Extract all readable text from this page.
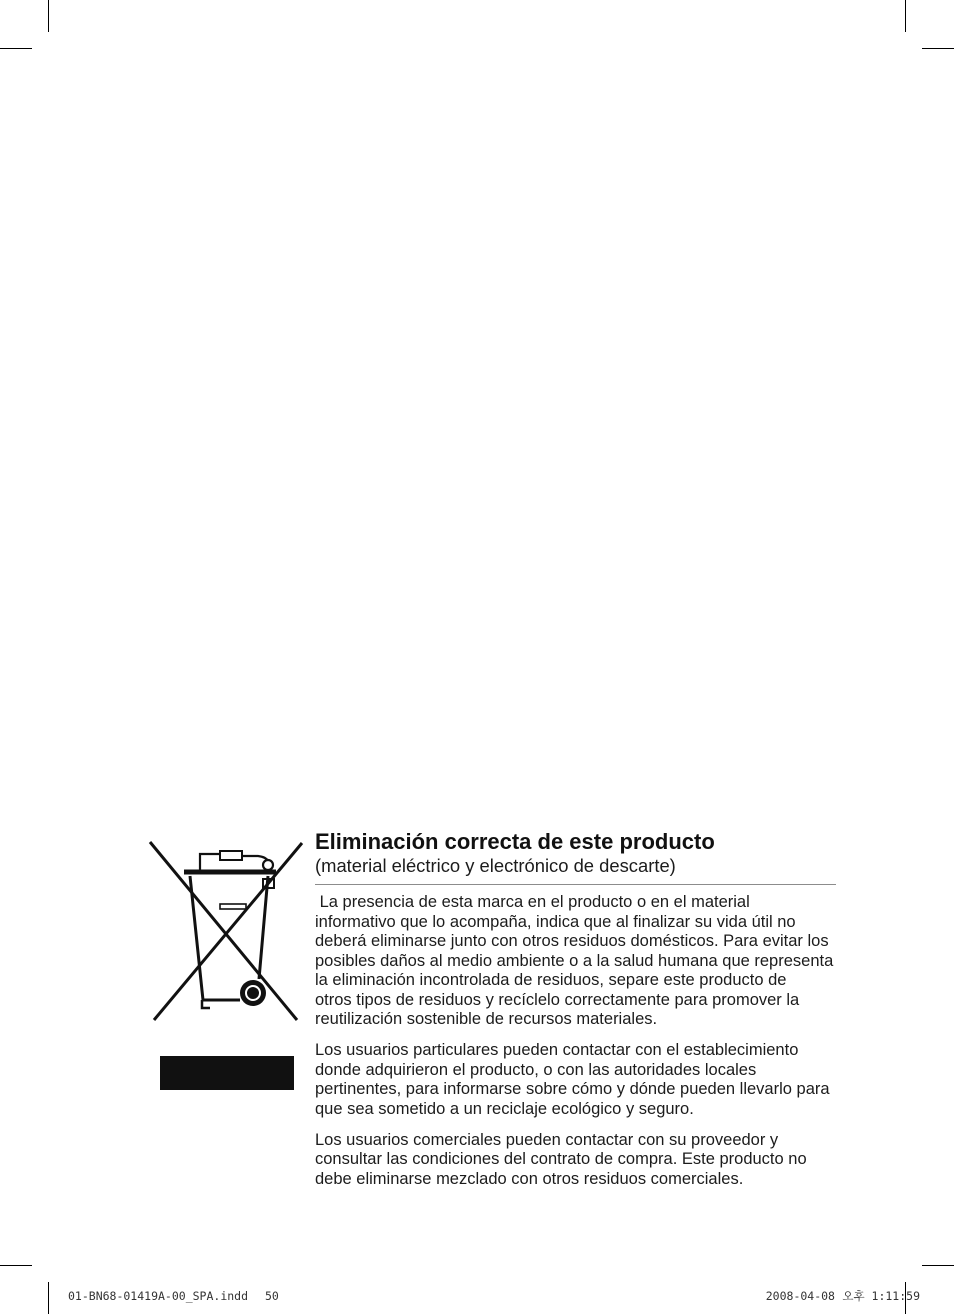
Eliminación correcta de este producto
(material eléctrico y electrónico de descarte)

La presencia de esta marca en el producto o en el material
informativo que lo acompaña, indica que al finalizar su vida útil no
deberá eliminarse junto con otros residuos domésticos. Para evitar los
posibles daños al medio ambiente o a la salud humana que representa
la eliminación incontrolada de residuos, separe este producto de
otros tipos de residuos y recíclelo correctamente para promover la
reutilización sostenible de recursos materiales.

Los usuarios particulares pueden contactar con el establecimiento
donde adquirieron el producto, o con las autoridades locales
pertinentes, para informarse sobre cómo y dónde pueden llevarlo para
que sea sometido a un reciclaje ecológico y seguro.

Los usuarios comerciales pueden contactar con su proveedor y
consultar las condiciones del contrato de compra. Este producto no
debe eliminarse mezclado con otros residuos comerciales.

01-BN68-01419A-00_SPA.indd 50	2008-04-08 오후 1:11:59
